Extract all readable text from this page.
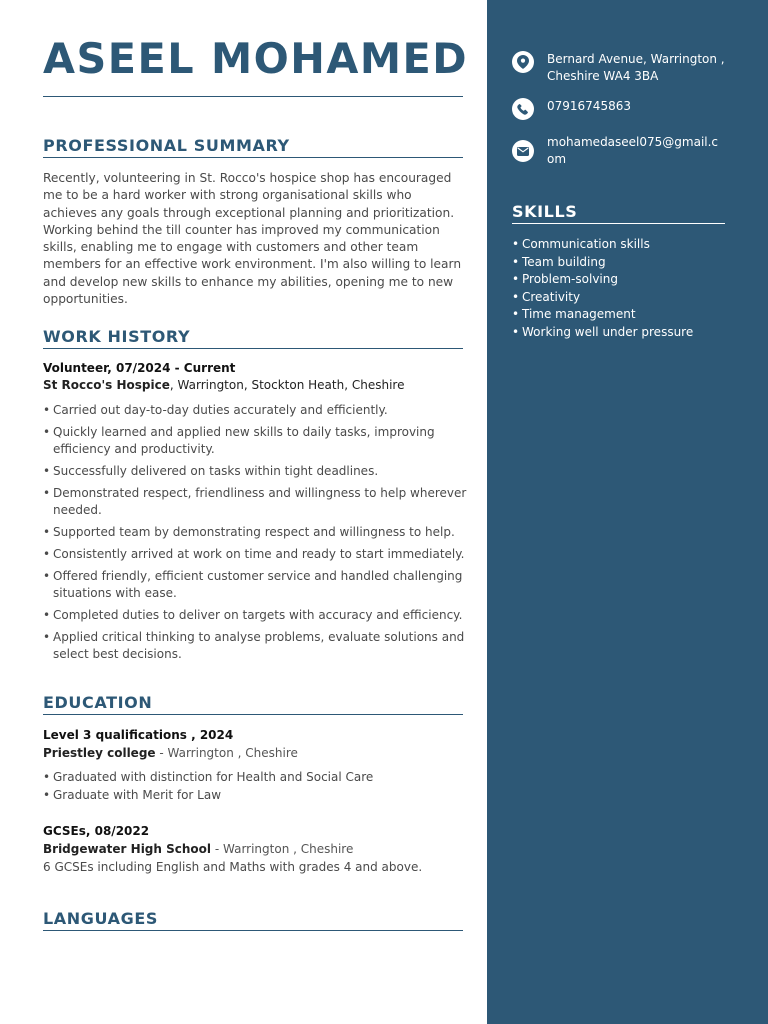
ASEEL MOHAMED
PROFESSIONAL SUMMARY

Recently, volunteering in St. Rocco's hospice shop has encouraged me to be a hard worker with strong organisational skills who achieves any goals through exceptional planning and prioritization. Working behind the till counter has improved my communication skills, enabling me to engage with customers and other team members for an effective work environment. I'm also willing to learn and develop new skills to enhance my abilities, opening me to new opportunities.

WORK HISTORY

Volunteer, 07/2024 - Current

St Rocco's Hospice, Warrington, Stockton Heath, Cheshire

• Carried out day-to-day duties accurately and efficiently.
• Quickly learned and applied new skills to daily tasks, improving efficiency and productivity.
• Successfully delivered on tasks within tight deadlines.
• Demonstrated respect, friendliness and willingness to help wherever needed.
• Supported team by demonstrating respect and willingness to help.
• Consistently arrived at work on time and ready to start immediately.
• Offered friendly, efficient customer service and handled challenging situations with ease.
• Completed duties to deliver on targets with accuracy and efficiency.
• Applied critical thinking to analyse problems, evaluate solutions and select best decisions.
EDUCATION

Level 3 qualifications , 2024

Priestley college - Warrington , Cheshire

• Graduated with distinction for Health and Social Care
• Graduate with Merit for Law

GCSEs, 08/2022

Bridgewater High School - Warrington , Cheshire

6 GCSEs including English and Maths with grades 4 and above.

LANGUAGES
Bernard Avenue, Warrington , Cheshire WA4 3BA
07916745863
mohamedaseel075@gmail.com
SKILLS
• Communication skills
• Team building
• Problem-solving
• Creativity
• Time management
• Working well under pressure
